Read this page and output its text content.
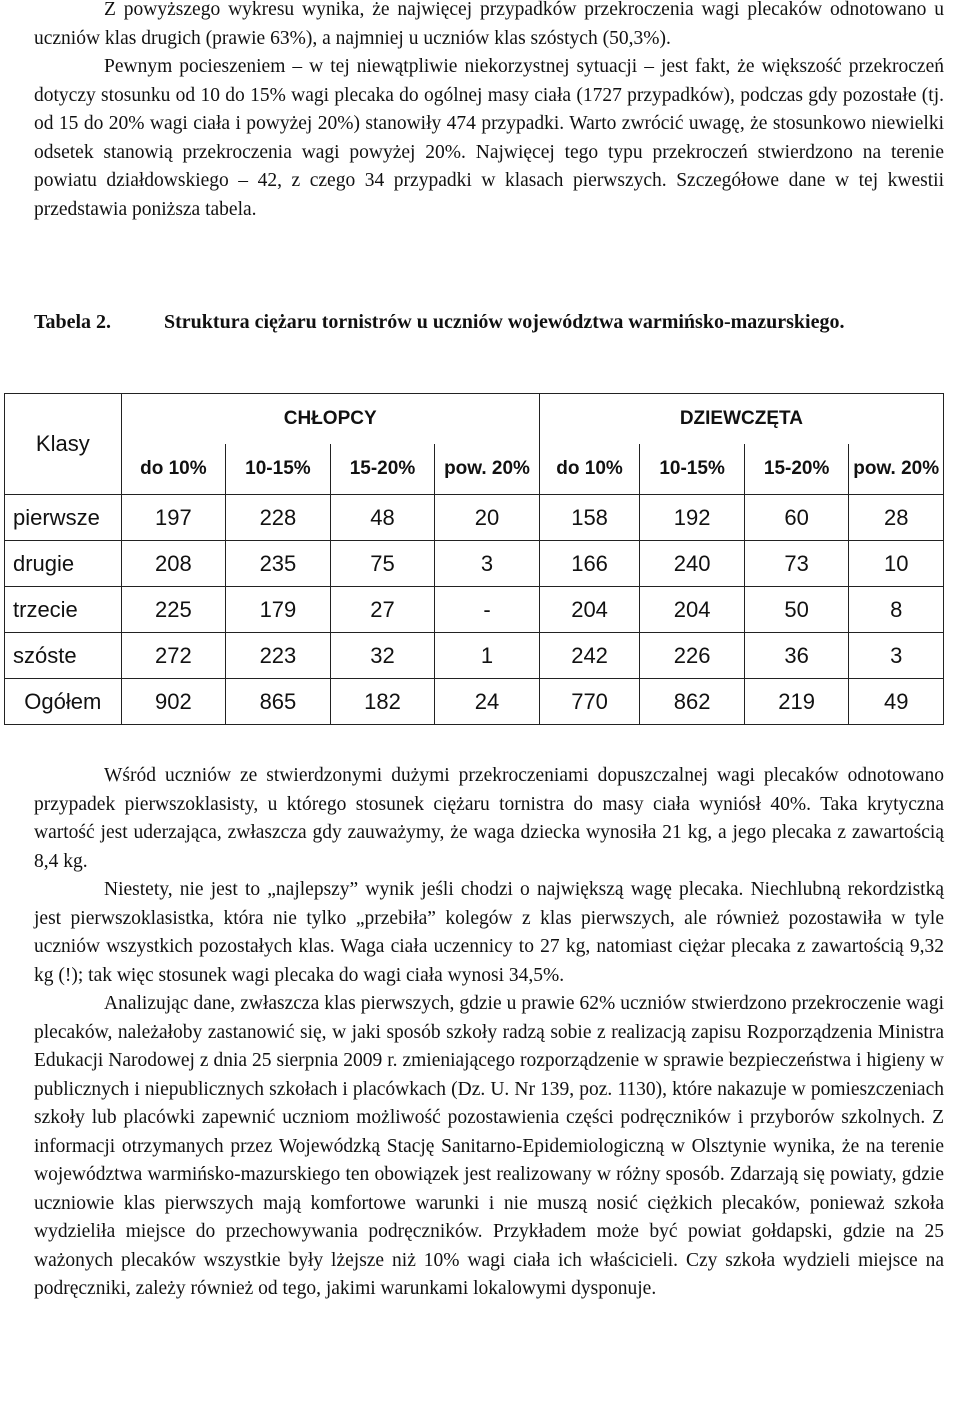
Z powyższego wykresu wynika, że najwięcej przypadków przekroczenia wagi plecaków odnotowano u uczniów klas drugich (prawie 63%), a najmniej u uczniów klas szóstych (50,3%).

Pewnym pocieszeniem – w tej niewątpliwie niekorzystnej sytuacji – jest fakt, że większość przekroczeń dotyczy stosunku od 10 do 15% wagi plecaka do ogólnej masy ciała (1727 przypadków), podczas gdy pozostałe (tj. od 15 do 20% wagi ciała i powyżej 20%) stanowiły 474 przypadki. Warto zwrócić uwagę, że stosunkowo niewielki odsetek stanowią przekroczenia wagi powyżej 20%. Najwięcej tego typu przekroczeń stwierdzono na terenie powiatu działdowskiego – 42, z czego 34 przypadki w klasach pierwszych. Szczegółowe dane w tej kwestii przedstawia poniższa tabela.

Tabela 2.	Struktura ciężaru tornistrów u uczniów województwa warmińsko-mazurskiego.
Klasy	CHŁOPCY				DZIEWCZĘTA			
	do 10%	10-15%	15-20%	pow. 20%	do 10%	10-15%	15-20%	pow. 20%
pierwsze	197	228	48	20	158	192	60	28
drugie	208	235	75	3	166	240	73	10
trzecie	225	179	27	-	204	204	50	8
szóste	272	223	32	1	242	226	36	3
Ogółem	902	865	182	24	770	862	219	49

Wśród uczniów ze stwierdzonymi dużymi przekroczeniami dopuszczalnej wagi plecaków odnotowano przypadek pierwszoklasisty, u którego stosunek ciężaru tornistra do masy ciała wyniósł 40%. Taka krytyczna wartość jest uderzająca, zwłaszcza gdy zauważymy, że waga dziecka wynosiła 21 kg, a jego plecaka z zawartością 8,4 kg.

Niestety, nie jest to „najlepszy” wynik jeśli chodzi o największą wagę plecaka. Niechlubną rekordzistką jest pierwszoklasistka, która nie tylko „przebiła” kolegów z klas pierwszych, ale również pozostawiła w tyle uczniów wszystkich pozostałych klas. Waga ciała uczennicy to 27 kg, natomiast ciężar plecaka z zawartością 9,32 kg (!); tak więc stosunek wagi plecaka do wagi ciała wynosi 34,5%.

Analizując dane, zwłaszcza klas pierwszych, gdzie u prawie 62% uczniów stwierdzono przekroczenie wagi plecaków, należałoby zastanowić się, w jaki sposób szkoły radzą sobie z realizacją zapisu Rozporządzenia Ministra Edukacji Narodowej z dnia 25 sierpnia 2009 r. zmieniającego rozporządzenie w sprawie bezpieczeństwa i higieny w publicznych i niepublicznych szkołach i placówkach (Dz. U. Nr 139, poz. 1130), które nakazuje w pomieszczeniach szkoły lub placówki zapewnić uczniom możliwość pozostawienia części podręczników i przyborów szkolnych. Z informacji otrzymanych przez Wojewódzką Stację Sanitarno-Epidemiologiczną w Olsztynie wynika, że na terenie województwa warmińsko-mazurskiego ten obowiązek jest realizowany w różny sposób. Zdarzają się powiaty, gdzie uczniowie klas pierwszych mają komfortowe warunki i nie muszą nosić ciężkich plecaków, ponieważ szkoła wydzieliła miejsce do przechowywania podręczników. Przykładem może być powiat gołdapski, gdzie na 25 ważonych plecaków wszystkie były lżejsze niż 10% wagi ciała ich właścicieli. Czy szkoła wydzieli miejsce na podręczniki, zależy również od tego, jakimi warunkami lokalowymi dysponuje.
